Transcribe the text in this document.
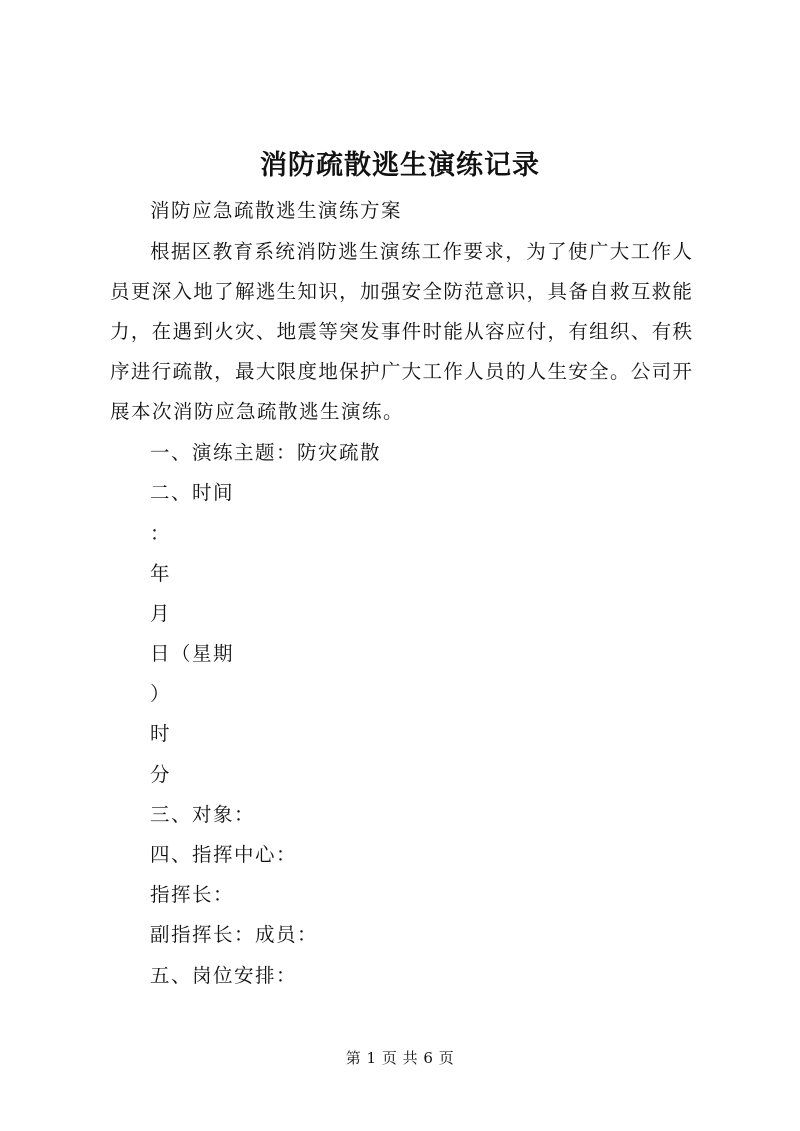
消防疏散逃生演练记录
消防应急疏散逃生演练方案
根据区教育系统消防逃生演练工作要求，为了使广大工作人
员更深入地了解逃生知识，加强安全防范意识，具备自救互救能
力，在遇到火灾、地震等突发事件时能从容应付，有组织、有秩
序进行疏散，最大限度地保护广大工作人员的人生安全。公司开
展本次消防应急疏散逃生演练。
一、演练主题：防灾疏散
二、时间
：
年
月
日（星期
）
时
分
三、对象：
四、指挥中心：
指挥长：
副指挥长：成员：
五、岗位安排：
第 1 页 共 6 页
